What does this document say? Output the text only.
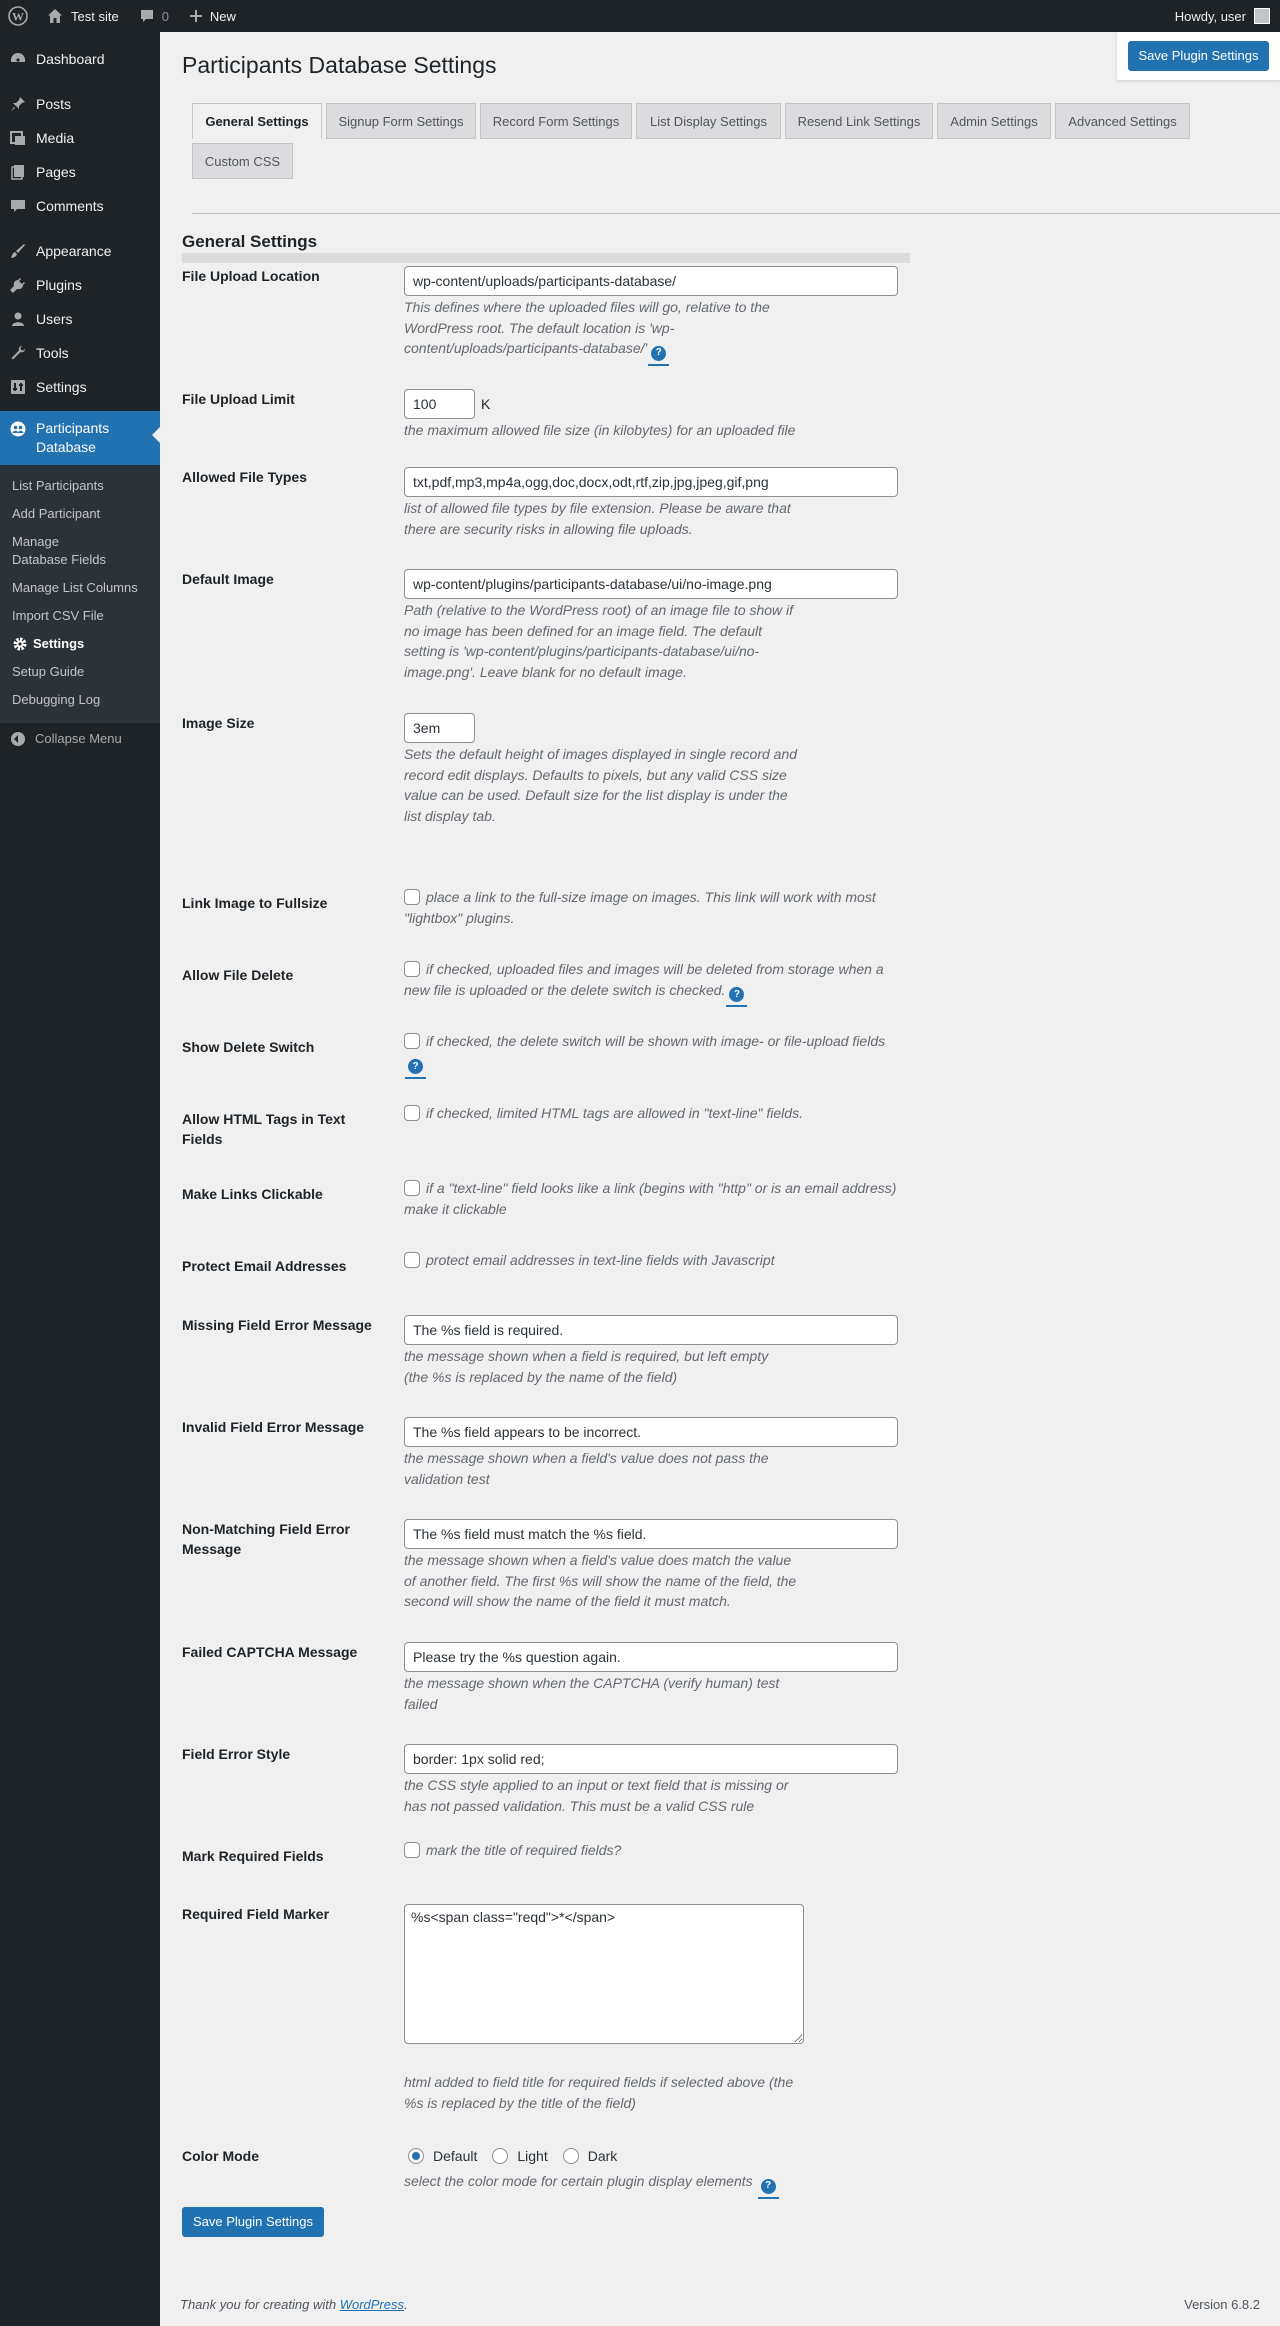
W	Test site	0	New	Howdy, user
Dashboard
Posts
Media
Pages
Comments
Appearance
Plugins
Users
Tools
Settings
Participants Database
List Participants
Add Participant
Manage Database Fields
Manage List Columns
Import CSV File
Settings
Setup Guide
Debugging Log
Collapse Menu
Save Plugin Settings
Participants Database Settings
General Settings	Signup Form Settings	Record Form Settings	List Display Settings	Resend Link Settings	Admin Settings	Advanced Settings
Custom CSS
General Settings
File Upload Location
wp-content/uploads/participants-database/

This defines where the uploaded files will go, relative to the WordPress root. The default location is 'wp-content/uploads/participants-database/' ?

File Upload Limit
100	K

the maximum allowed file size (in kilobytes) for an uploaded file

Allowed File Types
txt,pdf,mp3,mp4a,ogg,doc,docx,odt,rtf,zip,jpg,jpeg,gif,png

list of allowed file types by file extension. Please be aware that there are security risks in allowing file uploads.

Default Image
wp-content/plugins/participants-database/ui/no-image.png

Path (relative to the WordPress root) of an image file to show if no image has been defined for an image field. The default setting is 'wp-content/plugins/participants-database/ui/no-image.png'. Leave blank for no default image.

Image Size
3em

Sets the default height of images displayed in single record and record edit displays. Defaults to pixels, but any valid CSS size value can be used. Default size for the list display is under the list display tab.

Link Image to Fullsize	place a link to the full-size image on images. This link will work with most "lightbox" plugins.

Allow File Delete	if checked, uploaded files and images will be deleted from storage when a new file is uploaded or the delete switch is checked. ?

Show Delete Switch	if checked, the delete switch will be shown with image- or file-upload fields ?

Allow HTML Tags in Text Fields

if checked, limited HTML tags are allowed in "text-line" fields.

Make Links Clickable	if a "text-line" field looks like a link (begins with "http" or is an email address) make it clickable

Protect Email Addresses	protect email addresses in text-line fields with Javascript

Missing Field Error Message
The %s field is required.

the message shown when a field is required, but left empty (the %s is replaced by the name of the field)

Invalid Field Error Message
The %s field appears to be incorrect.

the message shown when a field's value does not pass the validation test

Non-Matching Field Error Message
The %s field must match the %s field.

the message shown when a field's value does match the value of another field. The first %s will show the name of the field, the second will show the name of the field it must match.

Failed CAPTCHA Message
Please try the %s question again.

the message shown when the CAPTCHA (verify human) test failed

Field Error Style
border: 1px solid red;

the CSS style applied to an input or text field that is missing or has not passed validation. This must be a valid CSS rule

Mark Required Fields	mark the title of required fields?

Required Field Marker
%s<span class="reqd">*</span>

html added to field title for required fields if selected above (the %s is replaced by the title of the field)

Color Mode	Default	Light	Dark

select the color mode for certain plugin display elements ?

Save Plugin Settings
Thank you for creating with WordPress.	Version 6.8.2
